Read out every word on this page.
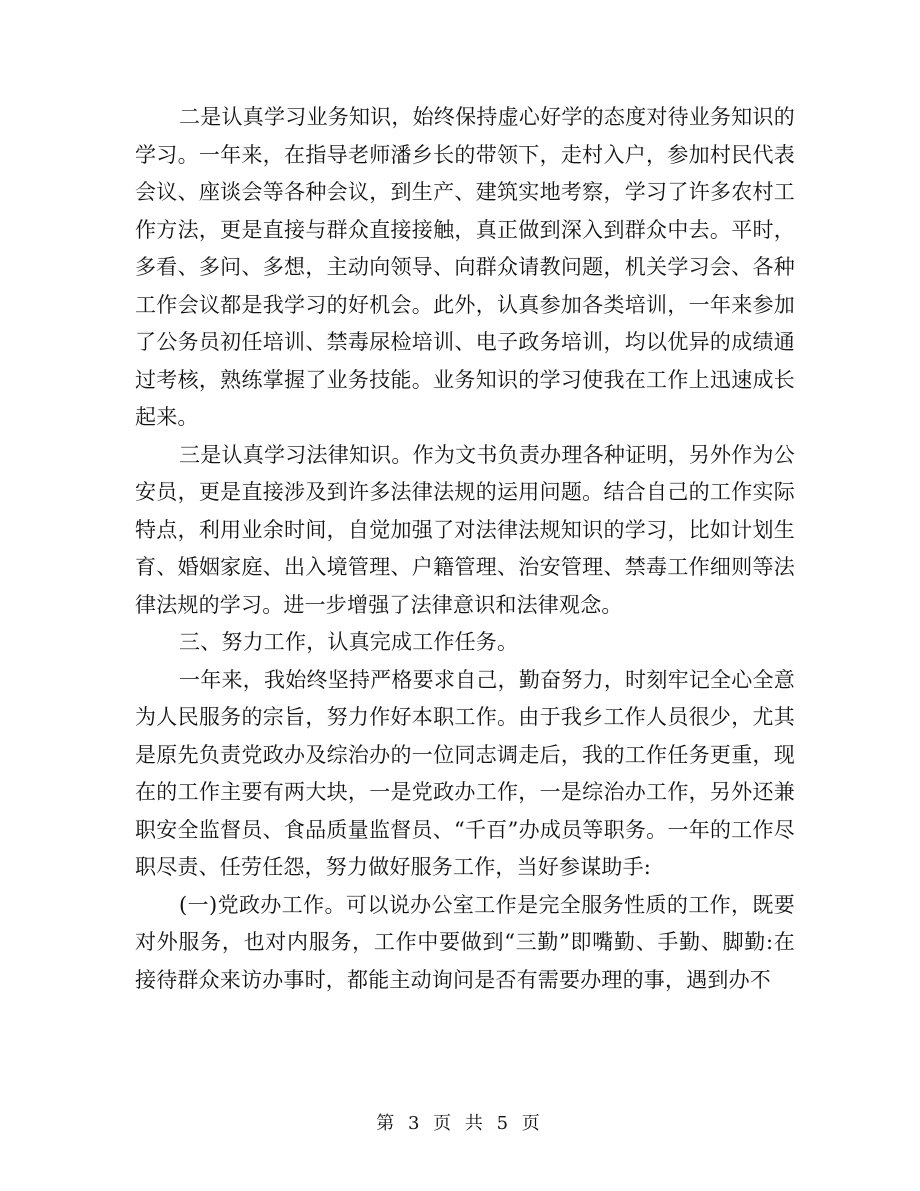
二是认真学习业务知识，始终保持虚心好学的态度对待业务知识的学习。一年来，在指导老师潘乡长的带领下，走村入户，参加村民代表会议、座谈会等各种会议，到生产、建筑实地考察，学习了许多农村工作方法，更是直接与群众直接接触，真正做到深入到群众中去。平时，多看、多问、多想，主动向领导、向群众请教问题，机关学习会、各种工作会议都是我学习的好机会。此外，认真参加各类培训，一年来参加了公务员初任培训、禁毒尿检培训、电子政务培训，均以优异的成绩通过考核，熟练掌握了业务技能。业务知识的学习使我在工作上迅速成长起来。

三是认真学习法律知识。作为文书负责办理各种证明，另外作为公安员，更是直接涉及到许多法律法规的运用问题。结合自己的工作实际特点，利用业余时间，自觉加强了对法律法规知识的学习，比如计划生育、婚姻家庭、出入境管理、户籍管理、治安管理、禁毒工作细则等法律法规的学习。进一步增强了法律意识和法律观念。

三、努力工作，认真完成工作任务。

一年来，我始终坚持严格要求自己，勤奋努力，时刻牢记全心全意为人民服务的宗旨，努力作好本职工作。由于我乡工作人员很少，尤其是原先负责党政办及综治办的一位同志调走后，我的工作任务更重，现在的工作主要有两大块，一是党政办工作，一是综治办工作，另外还兼职安全监督员、食品质量监督员、“千百”办成员等职务。一年的工作尽职尽责、任劳任怨，努力做好服务工作，当好参谋助手:

(一)党政办工作。可以说办公室工作是完全服务性质的工作，既要对外服务，也对内服务，工作中要做到“三勤”即嘴勤、手勤、脚勤:在接待群众来访办事时，都能主动询问是否有需要办理的事，遇到办不

第 3 页 共 5 页
